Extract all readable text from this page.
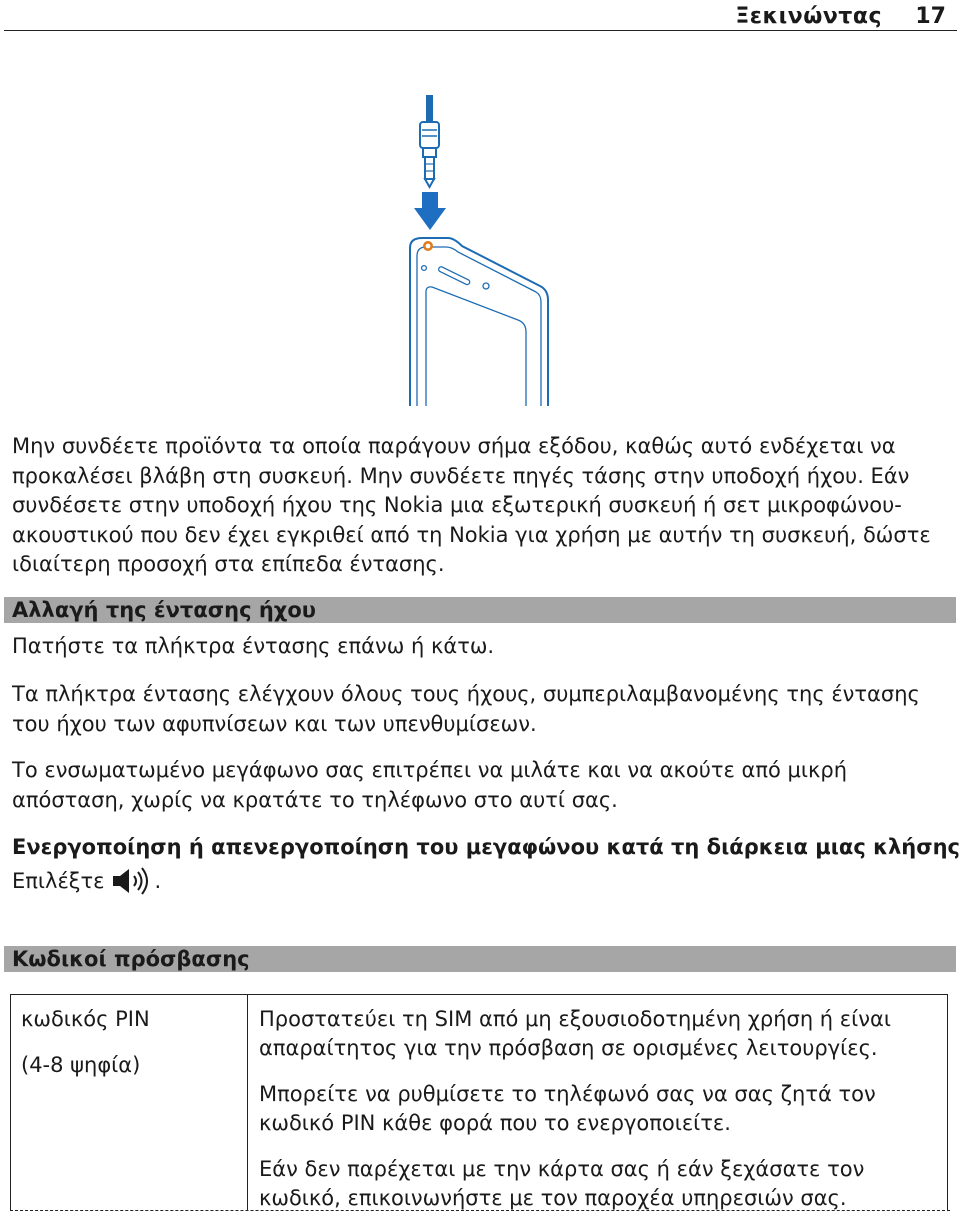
Ξεκινώντας 17
Μην συνδέετε προϊόντα τα οποία παράγουν σήμα εξόδου, καθώς αυτό ενδέχεται να προκαλέσει βλάβη στη συσκευή. Μην συνδέετε πηγές τάσης στην υποδοχή ήχου. Εάν συνδέσετε στην υποδοχή ήχου της Nokia μια εξωτερική συσκευή ή σετ μικροφώνου-ακουστικού που δεν έχει εγκριθεί από τη Nokia για χρήση με αυτήν τη συσκευή, δώστε ιδιαίτερη προσοχή στα επίπεδα έντασης.
Αλλαγή της έντασης ήχου
Πατήστε τα πλήκτρα έντασης επάνω ή κάτω.
Τα πλήκτρα έντασης ελέγχουν όλους τους ήχους, συμπεριλαμβανομένης της έντασης του ήχου των αφυπνίσεων και των υπενθυμίσεων.
Το ενσωματωμένο μεγάφωνο σας επιτρέπει να μιλάτε και να ακούτε από μικρή απόσταση, χωρίς να κρατάτε το τηλέφωνο στο αυτί σας.
Ενεργοποίηση ή απενεργοποίηση του μεγαφώνου κατά τη διάρκεια μιας κλήσης
Επιλέξτε .
Κωδικοί πρόσβασης

κωδικός PIN

(4-8 ψηφία)

Προστατεύει τη SIM από μη εξουσιοδοτημένη χρήση ή είναι απαραίτητος για την πρόσβαση σε ορισμένες λειτουργίες.

Μπορείτε να ρυθμίσετε το τηλέφωνό σας να σας ζητά τον κωδικό PIN κάθε φορά που το ενεργοποιείτε.

Εάν δεν παρέχεται με την κάρτα σας ή εάν ξεχάσατε τον κωδικό, επικοινωνήστε με τον παροχέα υπηρεσιών σας.
